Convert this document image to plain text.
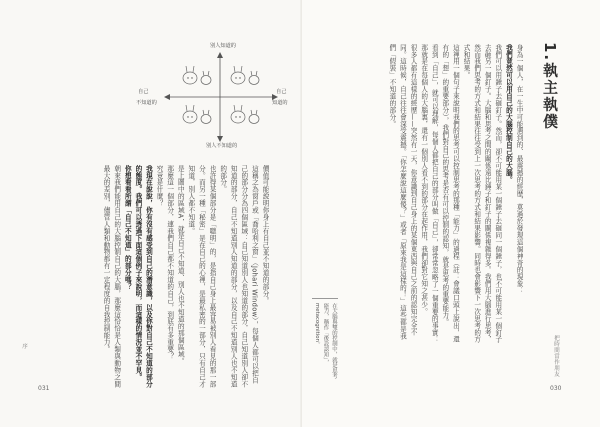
1.執主執僕

身為一個人，在一生中可能遇到的、最震撼的經歷，莫過於發現這個神奇的現象：

我們竟然可以用自己的大腦控制自己的大腦。

我們可以用錘子去砸釘子。然而，卻不可能用某一個錘子去砸同一個錘子，也不可能用某一個釘子去砸另一個釘子。大腦和思考之間的關係遠比錘子和釘子的關係複雜得多。我們用大腦進行思考，然而我們思考的方式和結果往往受到上一次思考的方式和結果影響。同時也會影響下一次思考的方式和結果。

這裡用一個句子來說明我們的思考可以控制思考的那種「能力」的過程（註：會議口頭上說出，還有的「想」的重要部分），我們對自己的思考是否有可以控制的認知，就是思考的重要能力。

看到「自己」，就可以理解，每個人都把自己的部分叫做「自己」，卻常常忽略了一個重要的事實：那就是在每個人的大腦裏，還有一個別人看不到的部分在起作用，我們卻對它知之甚少。

很多人都有這樣的經歷——突然有一天，你意識到自己身上的某個東西與自己之前的認知完全不同。這時候，自己往往會深受震撼。「你怎麼說這麼傻？」或者「原來我是這樣的！」這些都是我們「假裝」不知道的部分。

把時間當作朋友
在大腦與雙的控制中，就是思考能力，稱作「後設認知」，metacognition。
030
別人知道的
別人不知道的
自己
不知道的
自己
知道的

價值可能說明你身上有自己並不知道的部分。

這稱之為窗戶或「喬哈利之窗」（Johari Window），每個人都可以把自己的部分分為四個區域：自己知道別人也知道的部分，自己知道別人卻不知道的部分，自己不知道別人知道的部分，以及自己不知道別人也不知道的部分。

也許得某個部分是「聰明」的，是指自己身上最容易被別人看見的那一部分。而另一種「秘密」是在自己的心裡，是最私密的一部分，只有自己才知道，別人都不知道。

是上圖中的區域A，就是自己不知道、別人也不知道的那個區域。

那麼這一個部分，連我們自己都不知道的自己，到底有多重要？

究竟是什麼？

我現在說說，你有沒有感受到自己的潛意識，以及你對自己不知道的部分的態度。我們可以透過下面這個例子來說明，而這樣的情況並不罕見。

你想看看所謂「自己不知道」的部分嗎？

朝來我們能用自己的大腦控制自己的大腦，那麼這恰恰是人類與動物之間最大的差別，儘管人類和動物都有一定程度的自我控制能力。

序
031
